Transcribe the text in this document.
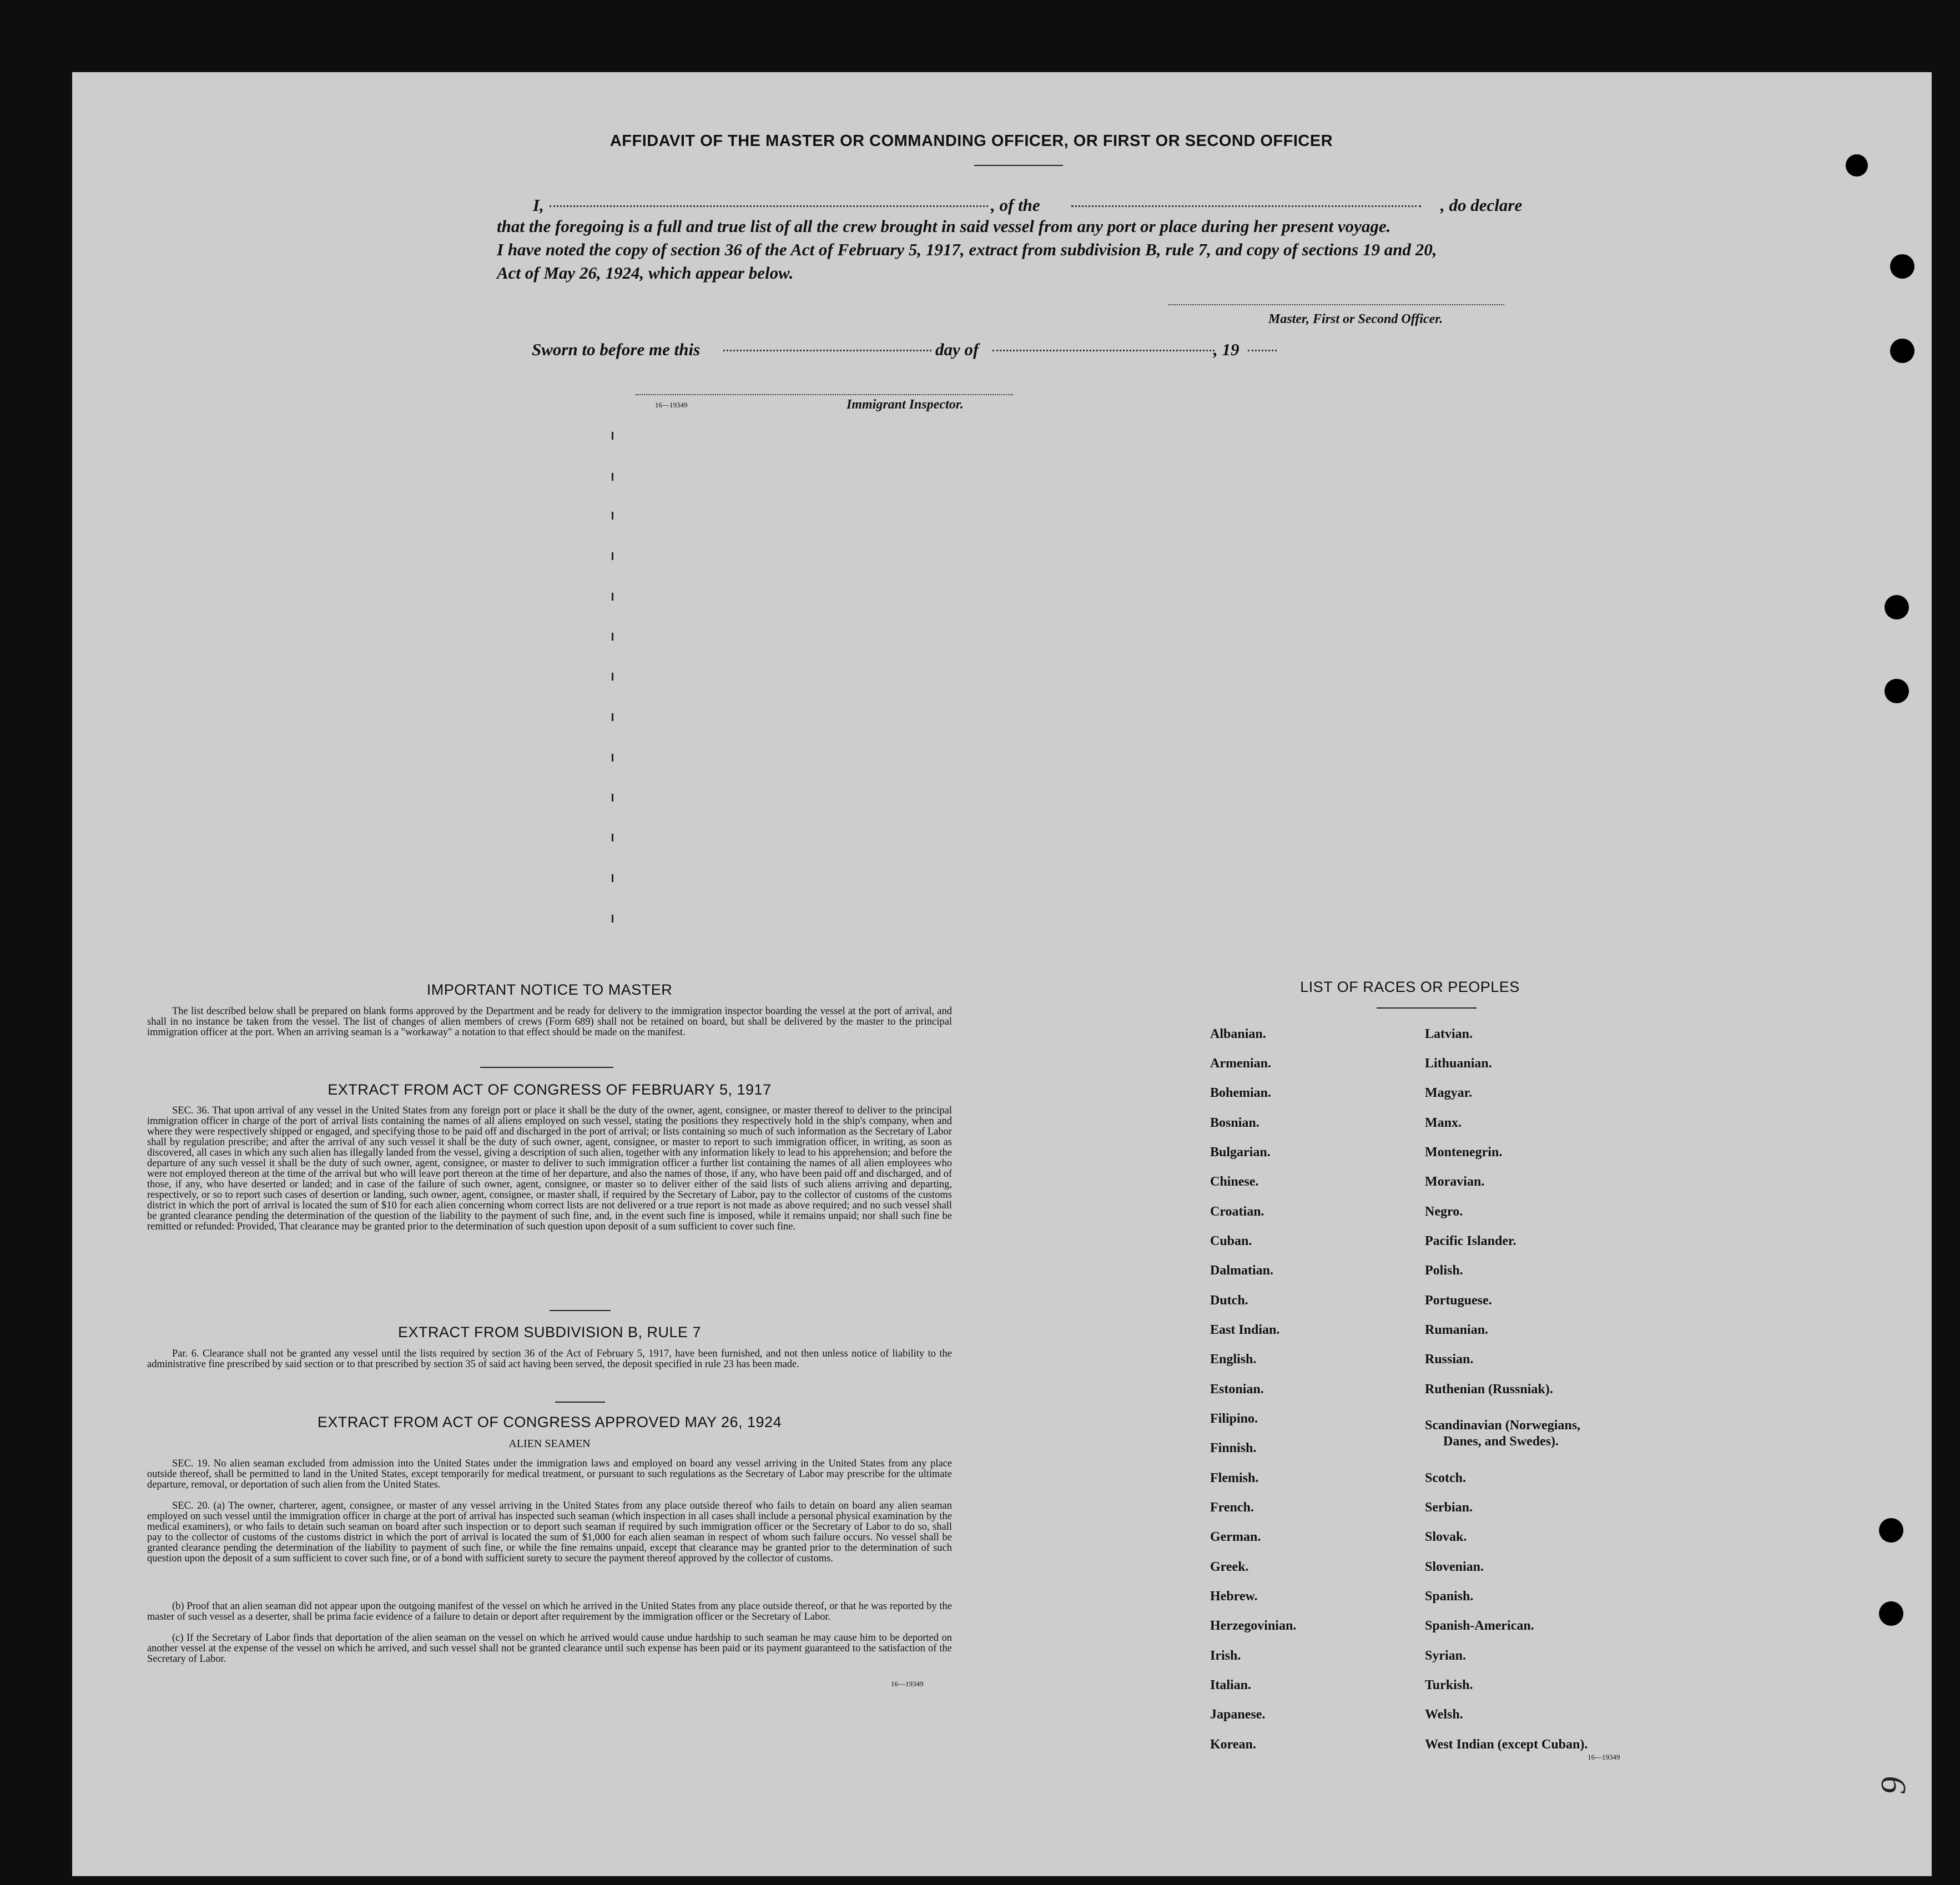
AFFIDAVIT OF THE MASTER OR COMMANDING OFFICER, OR FIRST OR SECOND OFFICER
I,	, of the	, do declare
that the foregoing is a full and true list of all the crew brought in said vessel from any port or place during her present voyage.
I have noted the copy of section 36 of the Act of February 5, 1917, extract from subdivision B, rule 7, and copy of sections 19 and 20,
Act of May 26, 1924, which appear below.
Master, First or Second Officer.
Sworn to before me this	day of	, 19
16—19349	Immigrant Inspector.
IMPORTANT NOTICE TO MASTER
The list described below shall be prepared on blank forms approved by the Department and be ready for delivery to the immigration inspector boarding the vessel at the port of arrival, and shall in no instance be taken from the vessel. The list of changes of alien members of crews (Form 689) shall not be retained on board, but shall be delivered by the master to the principal immigration officer at the port. When an arriving seaman is a "workaway" a notation to that effect should be made on the manifest.
EXTRACT FROM ACT OF CONGRESS OF FEBRUARY 5, 1917
SEC. 36. That upon arrival of any vessel in the United States from any foreign port or place it shall be the duty of the owner, agent, consignee, or master thereof to deliver to the principal immigration officer in charge of the port of arrival lists containing the names of all aliens employed on such vessel, stating the positions they respectively hold in the ship's company, when and where they were respectively shipped or engaged, and specifying those to be paid off and discharged in the port of arrival; or lists containing so much of such information as the Secretary of Labor shall by regulation prescribe; and after the arrival of any such vessel it shall be the duty of such owner, agent, consignee, or master to report to such immigration officer, in writing, as soon as discovered, all cases in which any such alien has illegally landed from the vessel, giving a description of such alien, together with any information likely to lead to his apprehension; and before the departure of any such vessel it shall be the duty of such owner, agent, consignee, or master to deliver to such immigration officer a further list containing the names of all alien employees who were not employed thereon at the time of the arrival but who will leave port thereon at the time of her departure, and also the names of those, if any, who have been paid off and discharged, and of those, if any, who have deserted or landed; and in case of the failure of such owner, agent, consignee, or master so to deliver either of the said lists of such aliens arriving and departing, respectively, or so to report such cases of desertion or landing, such owner, agent, consignee, or master shall, if required by the Secretary of Labor, pay to the collector of customs of the customs district in which the port of arrival is located the sum of $10 for each alien concerning whom correct lists are not delivered or a true report is not made as above required; and no such vessel shall be granted clearance pending the determination of the question of the liability to the payment of such fine, and, in the event such fine is imposed, while it remains unpaid; nor shall such fine be remitted or refunded: Provided, That clearance may be granted prior to the determination of such question upon deposit of a sum sufficient to cover such fine.
EXTRACT FROM SUBDIVISION B, RULE 7
Par. 6. Clearance shall not be granted any vessel until the lists required by section 36 of the Act of February 5, 1917, have been furnished, and not then unless notice of liability to the administrative fine prescribed by said section or to that prescribed by section 35 of said act having been served, the deposit specified in rule 23 has been made.
EXTRACT FROM ACT OF CONGRESS APPROVED MAY 26, 1924
ALIEN SEAMEN
SEC. 19. No alien seaman excluded from admission into the United States under the immigration laws and employed on board any vessel arriving in the United States from any place outside thereof, shall be permitted to land in the United States, except temporarily for medical treatment, or pursuant to such regulations as the Secretary of Labor may prescribe for the ultimate departure, removal, or deportation of such alien from the United States.
SEC. 20. (a) The owner, charterer, agent, consignee, or master of any vessel arriving in the United States from any place outside thereof who fails to detain on board any alien seaman employed on such vessel until the immigration officer in charge at the port of arrival has inspected such seaman (which inspection in all cases shall include a personal physical examination by the medical examiners), or who fails to detain such seaman on board after such inspection or to deport such seaman if required by such immigration officer or the Secretary of Labor to do so, shall pay to the collector of customs of the customs district in which the port of arrival is located the sum of $1,000 for each alien seaman in respect of whom such failure occurs. No vessel shall be granted clearance pending the determination of the liability to payment of such fine, or while the fine remains unpaid, except that clearance may be granted prior to the determination of such question upon the deposit of a sum sufficient to cover such fine, or of a bond with sufficient surety to secure the payment thereof approved by the collector of customs.
(b) Proof that an alien seaman did not appear upon the outgoing manifest of the vessel on which he arrived in the United States from any place outside thereof, or that he was reported by the master of such vessel as a deserter, shall be prima facie evidence of a failure to detain or deport after requirement by the immigration officer or the Secretary of Labor.
(c) If the Secretary of Labor finds that deportation of the alien seaman on the vessel on which he arrived would cause undue hardship to such seaman he may cause him to be deported on another vessel at the expense of the vessel on which he arrived, and such vessel shall not be granted clearance until such expense has been paid or its payment guaranteed to the satisfaction of the Secretary of Labor.
16—19349
LIST OF RACES OR PEOPLES
Albanian.
Armenian.
Bohemian.
Bosnian.
Bulgarian.
Chinese.
Croatian.
Cuban.
Dalmatian.
Dutch.
East Indian.
English.
Estonian.
Filipino.
Finnish.
Flemish.
French.
German.
Greek.
Hebrew.
Herzegovinian.
Irish.
Italian.
Japanese.
Korean.
Latvian.
Lithuanian.
Magyar.
Manx.
Montenegrin.
Moravian.
Negro.
Pacific Islander.
Polish.
Portuguese.
Rumanian.
Russian.
Ruthenian (Russniak).
Scandinavian (Norwegians,
Danes, and Swedes).
Scotch.
Serbian.
Slovak.
Slovenian.
Spanish.
Spanish-American.
Syrian.
Turkish.
Welsh.
West Indian (except Cuban).
16—19349
9
